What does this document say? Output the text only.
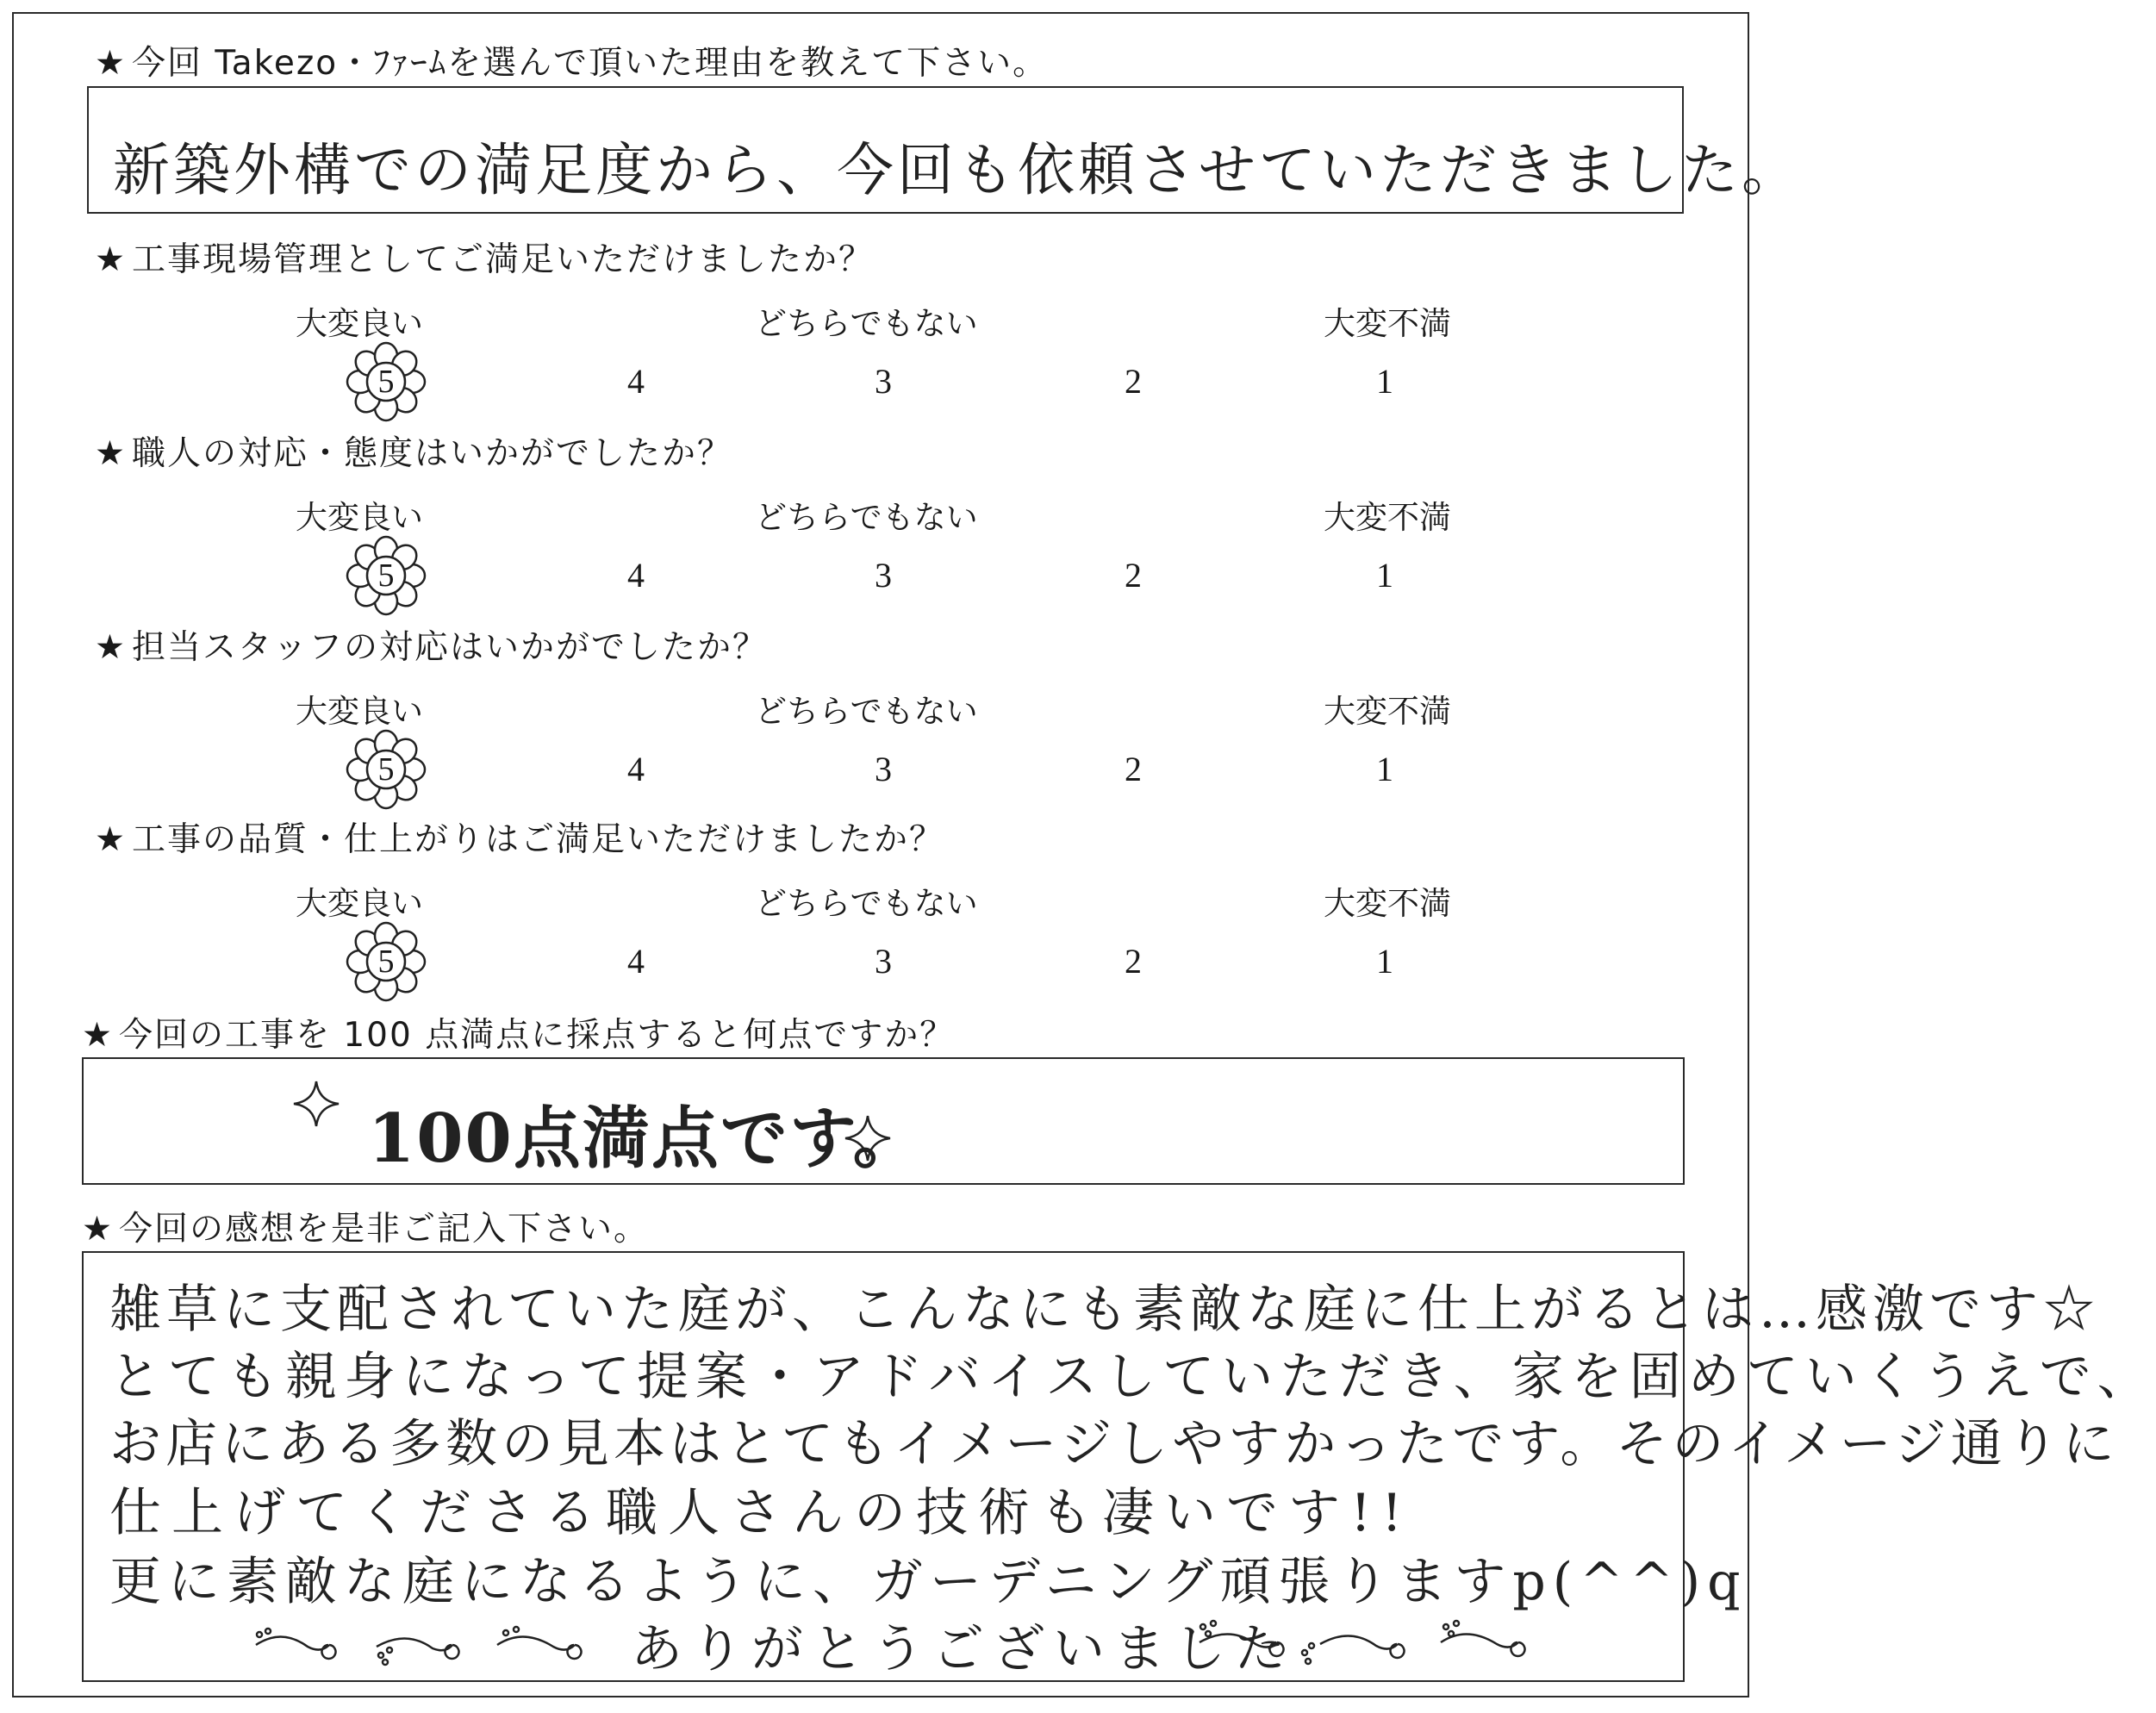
★ 今回 Takezo・ﾌｧｰﾑを選んで頂いた理由を教えて下さい。
新築外構での満足度から、今回も依頼させていただきました。
★ 工事現場管理としてご満足いただけましたか？
★ 職人の対応・態度はいかがでしたか？
★ 担当スタッフの対応はいかがでしたか？
★ 工事の品質・仕上がりはご満足いただけましたか？
★ 今回の工事を 100 点満点に採点すると何点ですか？
100点満点です。
★ 今回の感想を是非ご記入下さい。
雑草に支配されていた庭が、こんなにも素敵な庭に仕上がるとは…感激です☆
とても親身になって提案・アドバイスしていただき、家を固めていくうえで、
お店にある多数の見本はとてもイメージしやすかったです。そのイメージ通りに
仕上げてくださる職人さんの技術も凄いです!!
更に素敵な庭になるように、ガーデニング頑張りますp(^^)q
ありがとうございました
大変良い	どちらでもない	大変不満
5	4	3	2	1
大変良い	どちらでもない	大変不満
5	4	3	2	1
大変良い	どちらでもない	大変不満
5	4	3	2	1
大変良い	どちらでもない	大変不満
5	4	3	2	1
